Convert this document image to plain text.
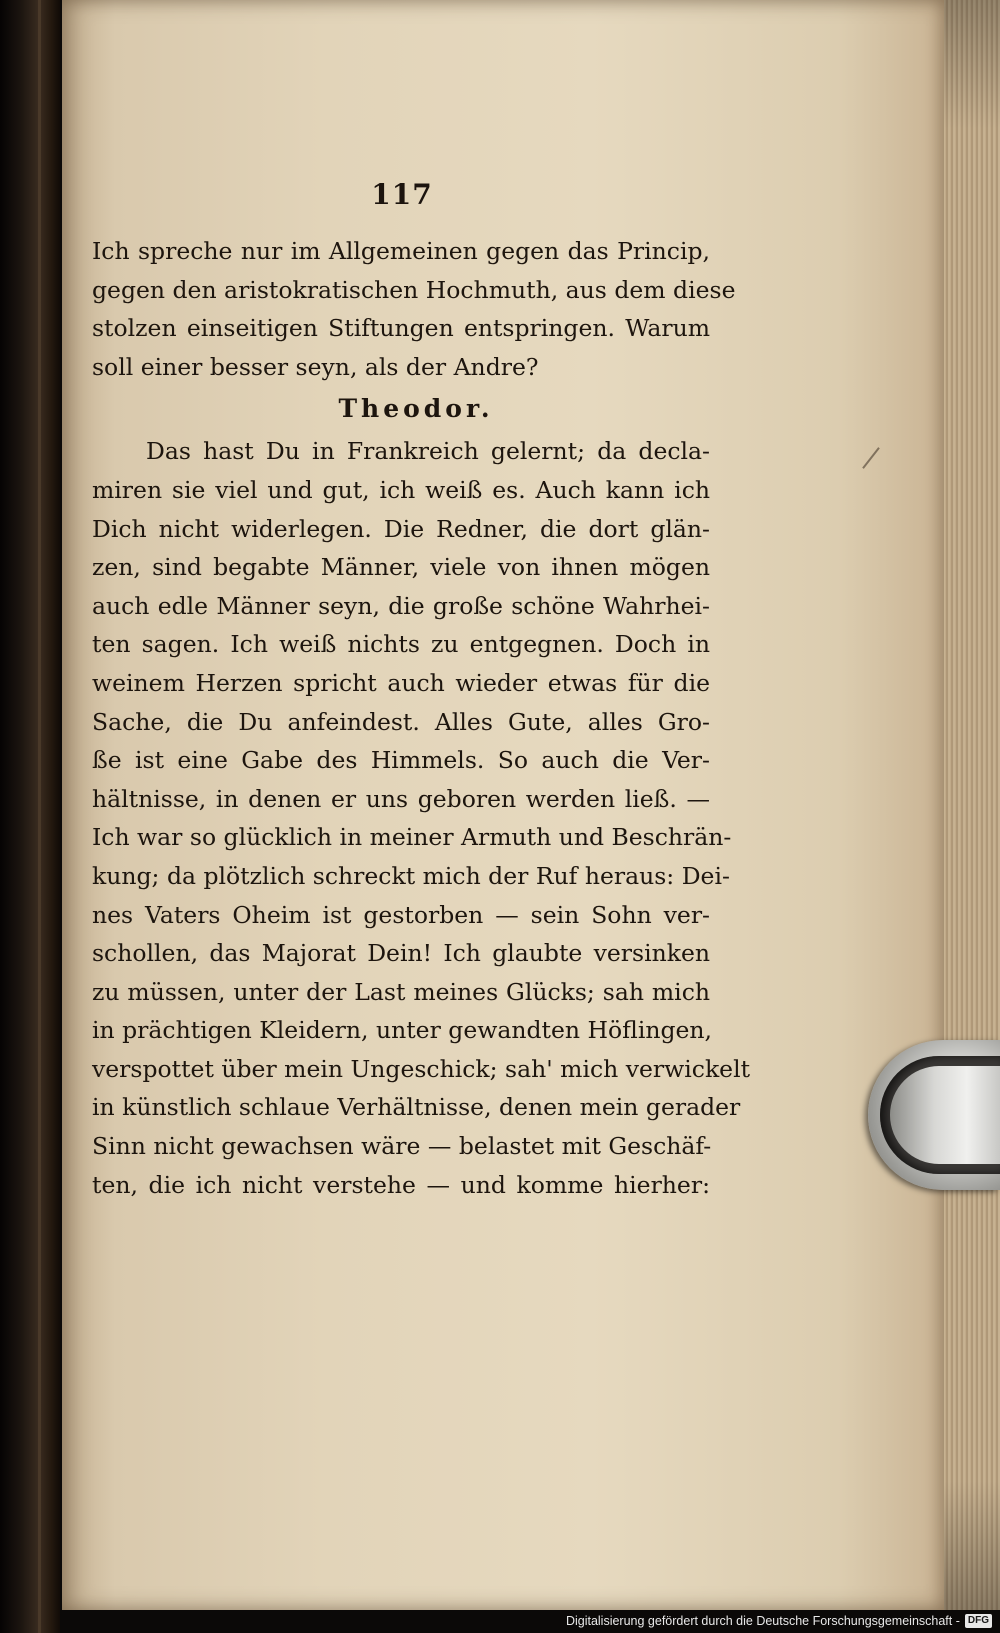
117
Ich spreche nur im Allgemeinen gegen das Princip,
gegen den aristokratischen Hochmuth, aus dem diese
stolzen einseitigen Stiftungen entspringen. Warum
soll einer besser seyn, als der Andre?
Theodor.
Das hast Du in Frankreich gelernt; da decla-
miren sie viel und gut, ich weiß es. Auch kann ich
Dich nicht widerlegen. Die Redner, die dort glän-
zen, sind begabte Männer, viele von ihnen mögen
auch edle Männer seyn, die große schöne Wahrhei-
ten sagen. Ich weiß nichts zu entgegnen. Doch in
weinem Herzen spricht auch wieder etwas für die
Sache, die Du anfeindest. Alles Gute, alles Gro-
ße ist eine Gabe des Himmels. So auch die Ver-
hältnisse, in denen er uns geboren werden ließ. —
Ich war so glücklich in meiner Armuth und Beschrän-
kung; da plötzlich schreckt mich der Ruf heraus: Dei-
nes Vaters Oheim ist gestorben — sein Sohn ver-
schollen, das Majorat Dein! Ich glaubte versinken
zu müssen, unter der Last meines Glücks; sah mich
in prächtigen Kleidern, unter gewandten Höflingen,
verspottet über mein Ungeschick; sah' mich verwickelt
in künstlich schlaue Verhältnisse, denen mein gerader
Sinn nicht gewachsen wäre — belastet mit Geschäf-
ten, die ich nicht verstehe — und komme hierher:
Digitalisierung gefördert durch die Deutsche Forschungsgemeinschaft - DFG
